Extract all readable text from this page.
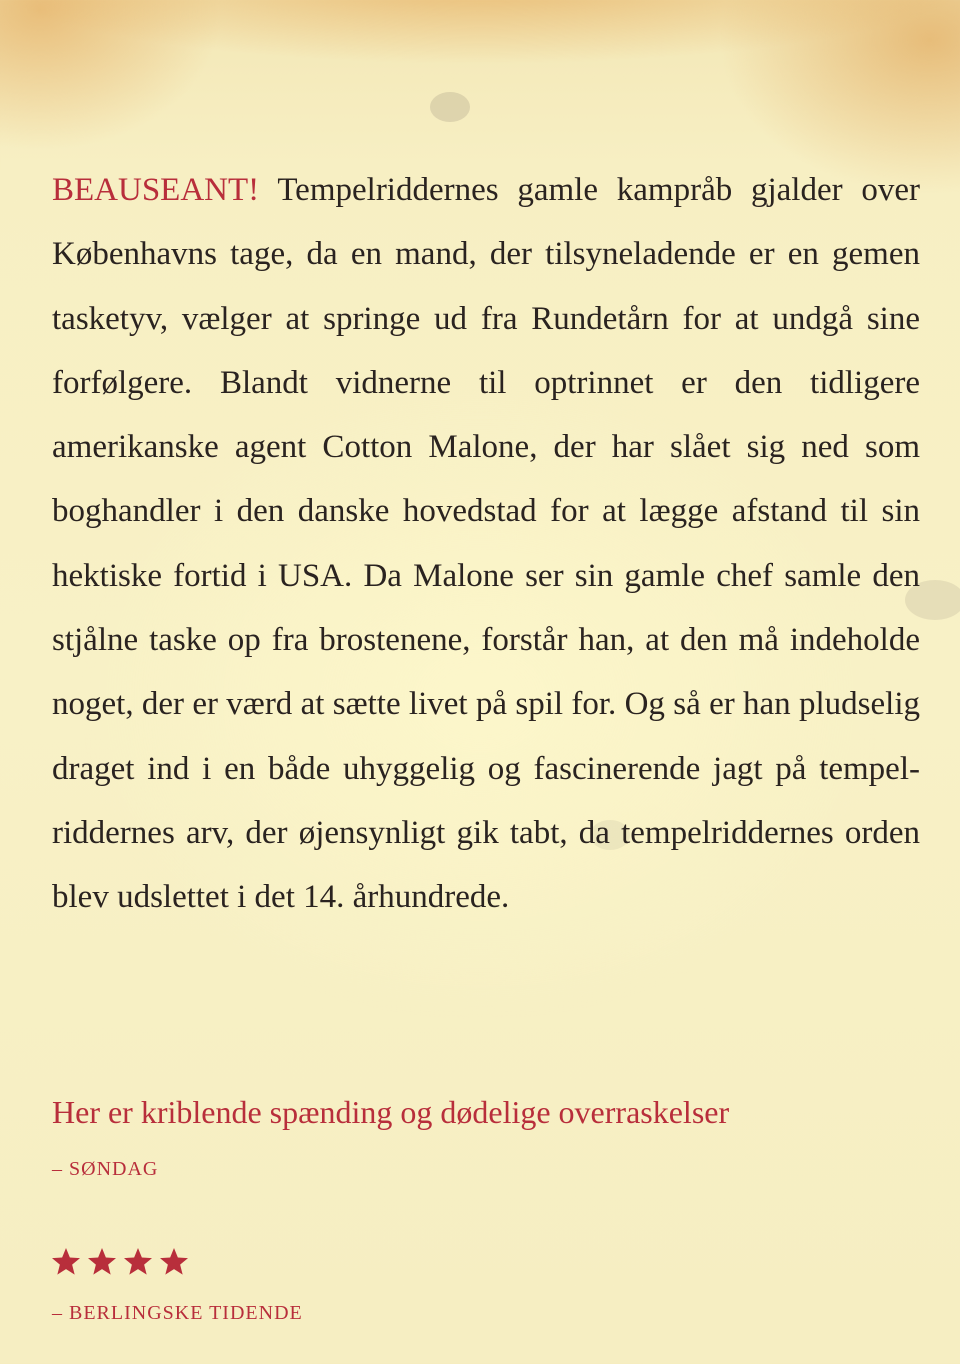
BEAUSEANT! Tempelriddernes gamle kampråb gjalder over Københavns tage, da en mand, der tilsyneladende er en gemen tasketyv, vælger at springe ud fra Rundetårn for at undgå sine forfølgere. Blandt vidnerne til optrinnet er den tidligere amerikanske agent Cotton Malone, der har slået sig ned som boghandler i den danske hovedstad for at lægge afstand til sin hektiske fortid i USA. Da Malone ser sin gamle chef samle den stjålne taske op fra brostenene, forstår han, at den må indeholde noget, der er værd at sætte livet på spil for. Og så er han pludselig draget ind i en både uhyggelig og fascinerende jagt på tempelriddernes arv, der øjensynligt gik tabt, da tempelriddernes orden blev udslettet i det 14. århundrede.

Her er kriblende spænding og dødelige overraskelser

– SØNDAG

– BERLINGSKE TIDENDE
